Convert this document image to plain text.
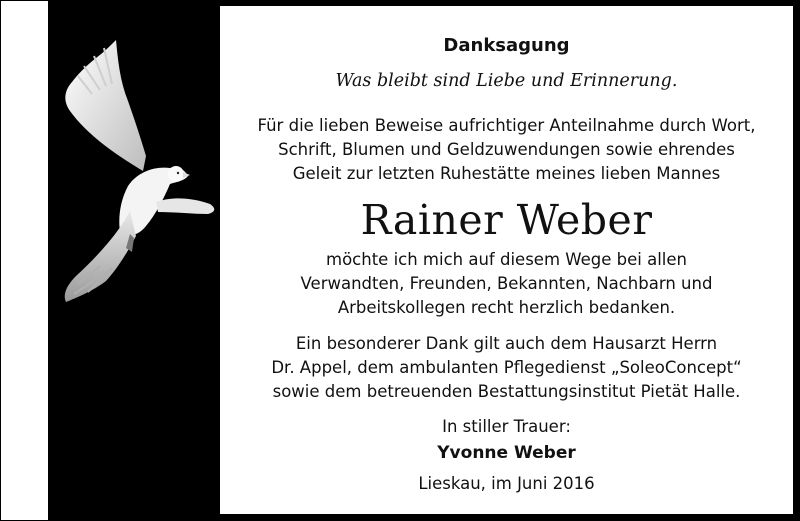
Danksagung
Was bleibt sind Liebe und Erinnerung.
Für die lieben Beweise aufrichtiger Anteilnahme durch Wort,
Schrift, Blumen und Geldzuwendungen sowie ehrendes
Geleit zur letzten Ruhestätte meines lieben Mannes
Rainer Weber
möchte ich mich auf diesem Wege bei allen
Verwandten, Freunden, Bekannten, Nachbarn und
Arbeitskollegen recht herzlich bedanken.
Ein besonderer Dank gilt auch dem Hausarzt Herrn
Dr. Appel, dem ambulanten Pflegedienst „SoleoConcept“
sowie dem betreuenden Bestattungsinstitut Pietät Halle.
In stiller Trauer:
Yvonne Weber
Lieskau, im Juni 2016
